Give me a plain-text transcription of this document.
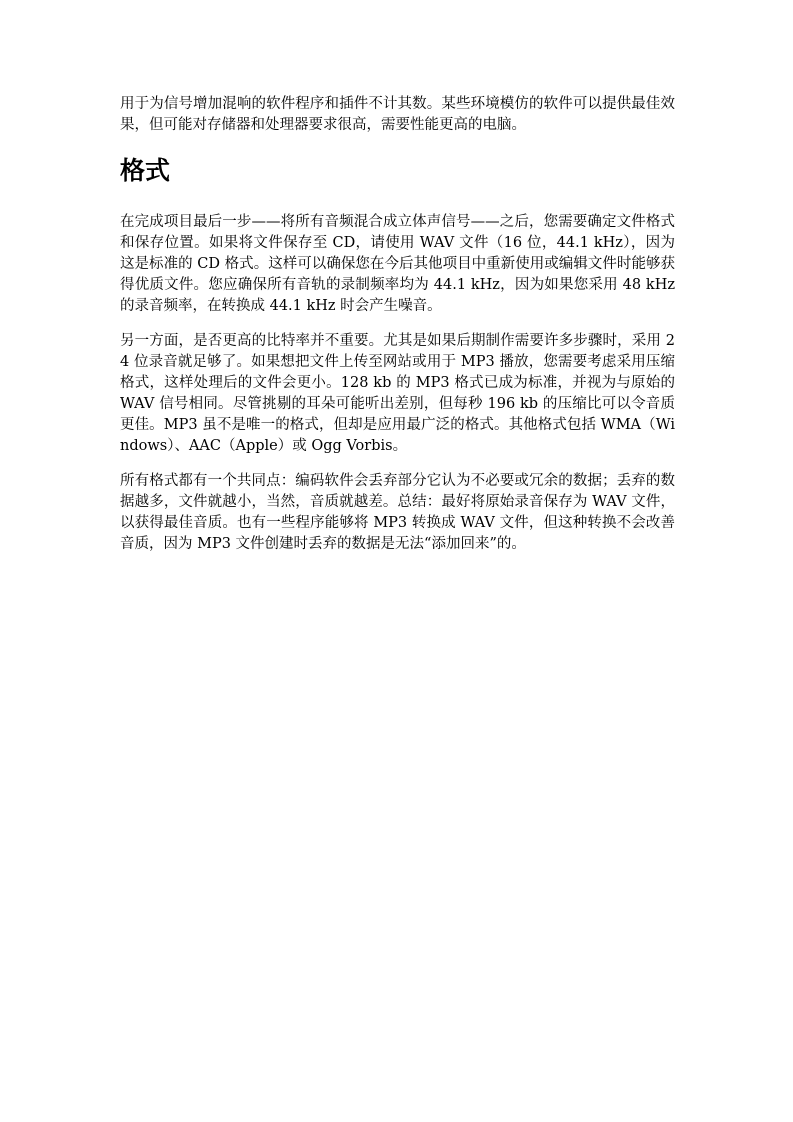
用于为信号增加混响的软件程序和插件不计其数。某些环境模仿的软件可以提供最佳效果，但可能对存储器和处理器要求很高，需要性能更高的电脑。

格式

在完成项目最后一步——将所有音频混合成立体声信号——之后，您需要确定文件格式和保存位置。如果将文件保存至 CD，请使用 WAV 文件（16 位，44.1 kHz），因为这是标准的 CD 格式。这样可以确保您在今后其他项目中重新使用或编辑文件时能够获得优质文件。您应确保所有音轨的录制频率均为 44.1 kHz，因为如果您采用 48 kHz 的录音频率，在转换成 44.1 kHz 时会产生噪音。

另一方面，是否更高的比特率并不重要。尤其是如果后期制作需要许多步骤时，采用 24 位录音就足够了。如果想把文件上传至网站或用于 MP3 播放，您需要考虑采用压缩格式，这样处理后的文件会更小。128 kb 的 MP3 格式已成为标准，并视为与原始的 WAV 信号相同。尽管挑剔的耳朵可能听出差别，但每秒 196 kb 的压缩比可以令音质更佳。MP3 虽不是唯一的格式，但却是应用最广泛的格式。其他格式包括 WMA（Windows）、AAC（Apple）或 Ogg Vorbis。

所有格式都有一个共同点：编码软件会丢弃部分它认为不必要或冗余的数据；丢弃的数据越多，文件就越小，当然，音质就越差。总结：最好将原始录音保存为 WAV 文件，以获得最佳音质。也有一些程序能够将 MP3 转换成 WAV 文件，但这种转换不会改善音质，因为 MP3 文件创建时丢弃的数据是无法“添加回来”的。
